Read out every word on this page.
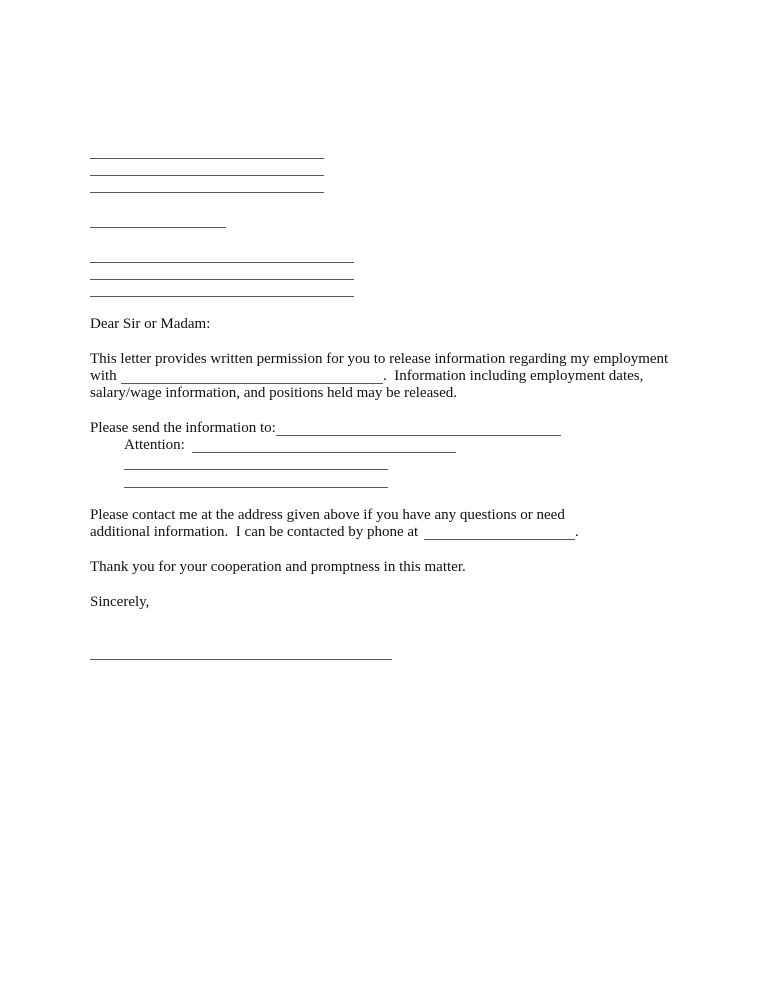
Dear Sir or Madam:
This letter provides written permission for you to release information regarding my employment
with	.  Information including employment dates,
salary/wage information, and positions held may be released.
Please send the information to:
Attention:
Please contact me at the address given above if you have any questions or need
additional information.  I can be contacted by phone at	.
Thank you for your cooperation and promptness in this matter.
Sincerely,
